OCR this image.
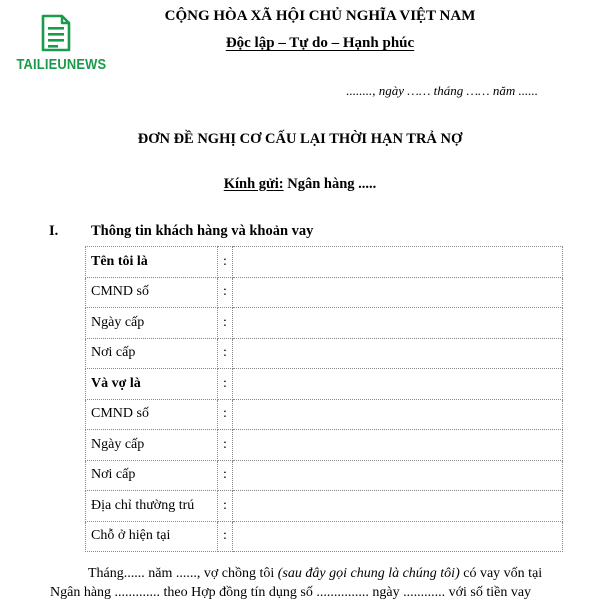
TAILIEUNEWS
CỘNG HÒA XÃ HỘI CHỦ NGHĨA VIỆT NAM
Độc lập – Tự do – Hạnh phúc
........, ngày …… tháng …… năm ......
ĐƠN ĐỀ NGHỊ CƠ CẤU LẠI THỜI HẠN TRẢ NỢ
Kính gửi: Ngân hàng .....
I. Thông tin khách hàng và khoản vay
Tên tôi là	:	
CMND số	:	
Ngày cấp	:	
Nơi cấp	:	
Và vợ là	:	
CMND số	:	
Ngày cấp	:	
Nơi cấp	:	
Địa chỉ thường trú	:	
Chỗ ở hiện tại	:	

Tháng...... năm ......, vợ chồng tôi (sau đây gọi chung là chúng tôi) có vay vốn tại

Ngân hàng ............. theo Hợp đồng tín dụng số ............... ngày ............ với số tiền vay
